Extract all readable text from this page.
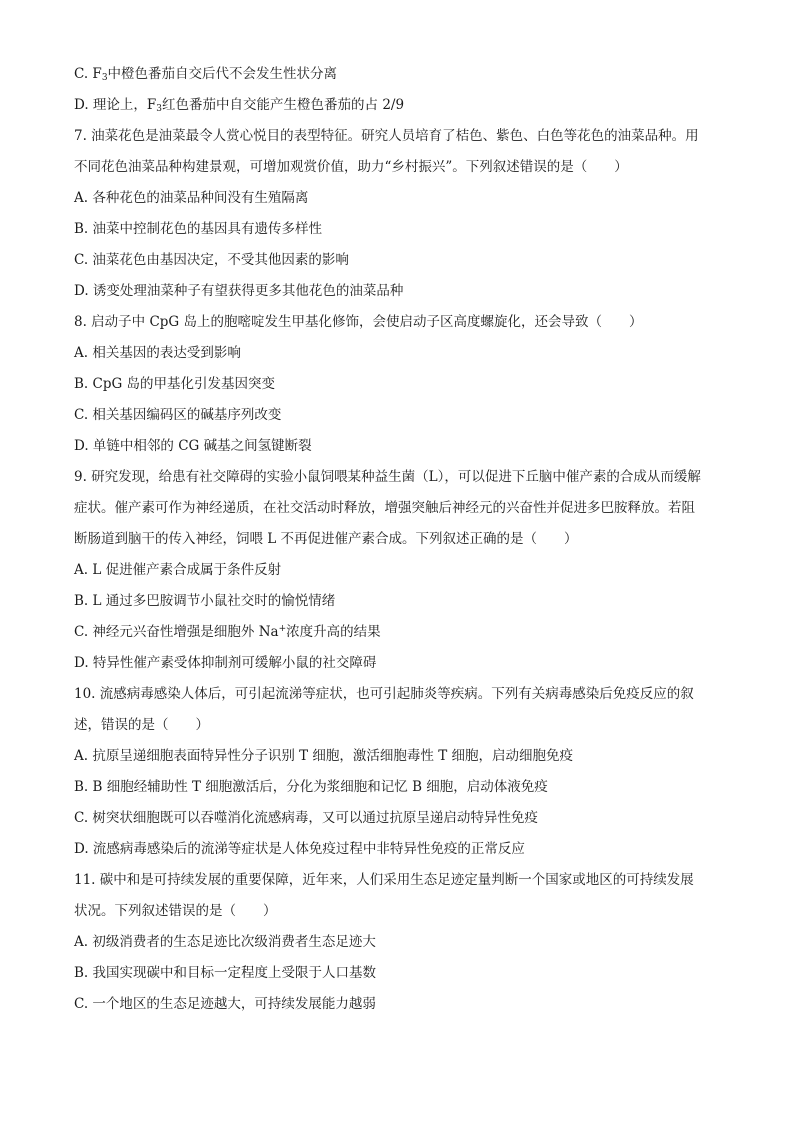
C. $F_3$中橙色番茄自交后代不会发生性状分离

D. 理论上，$F_3$红色番茄中自交能产生橙色番茄的占 2/9

7. 油菜花色是油菜最令人赏心悦目的表型特征。研究人员培育了桔色、紫色、白色等花色的油菜品种。用

不同花色油菜品种构建景观，可增加观赏价值，助力“乡村振兴”。下列叙述错误的是（　　）

A. 各种花色的油菜品种间没有生殖隔离

B. 油菜中控制花色的基因具有遗传多样性

C. 油菜花色由基因决定，不受其他因素的影响

D. 诱变处理油菜种子有望获得更多其他花色的油菜品种

8. 启动子中 CpG 岛上的胞嘧啶发生甲基化修饰，会使启动子区高度螺旋化，还会导致（　　）

A. 相关基因的表达受到影响

B. CpG 岛的甲基化引发基因突变

C. 相关基因编码区的碱基序列改变

D. 单链中相邻的 CG 碱基之间氢键断裂

9. 研究发现，给患有社交障碍的实验小鼠饲喂某种益生菌（L），可以促进下丘脑中催产素的合成从而缓解

症状。催产素可作为神经递质，在社交活动时释放，增强突触后神经元的兴奋性并促进多巴胺释放。若阻

断肠道到脑干的传入神经，饲喂 L 不再促进催产素合成。下列叙述正确的是（　　）

A. L 促进催产素合成属于条件反射

B. L 通过多巴胺调节小鼠社交时的愉悦情绪

C. 神经元兴奋性增强是细胞外 Na+浓度升高的结果

D. 特异性催产素受体抑制剂可缓解小鼠的社交障碍

10. 流感病毒感染人体后，可引起流涕等症状，也可引起肺炎等疾病。下列有关病毒感染后免疫反应的叙

述，错误的是（　　）

A. 抗原呈递细胞表面特异性分子识别 T 细胞，激活细胞毒性 T 细胞，启动细胞免疫

B. B 细胞经辅助性 T 细胞激活后，分化为浆细胞和记忆 B 细胞，启动体液免疫

C. 树突状细胞既可以吞噬消化流感病毒，又可以通过抗原呈递启动特异性免疫

D. 流感病毒感染后的流涕等症状是人体免疫过程中非特异性免疫的正常反应

11. 碳中和是可持续发展的重要保障，近年来，人们采用生态足迹定量判断一个国家或地区的可持续发展

状况。下列叙述错误的是（　　）

A. 初级消费者的生态足迹比次级消费者生态足迹大

B. 我国实现碳中和目标一定程度上受限于人口基数

C. 一个地区的生态足迹越大，可持续发展能力越弱
